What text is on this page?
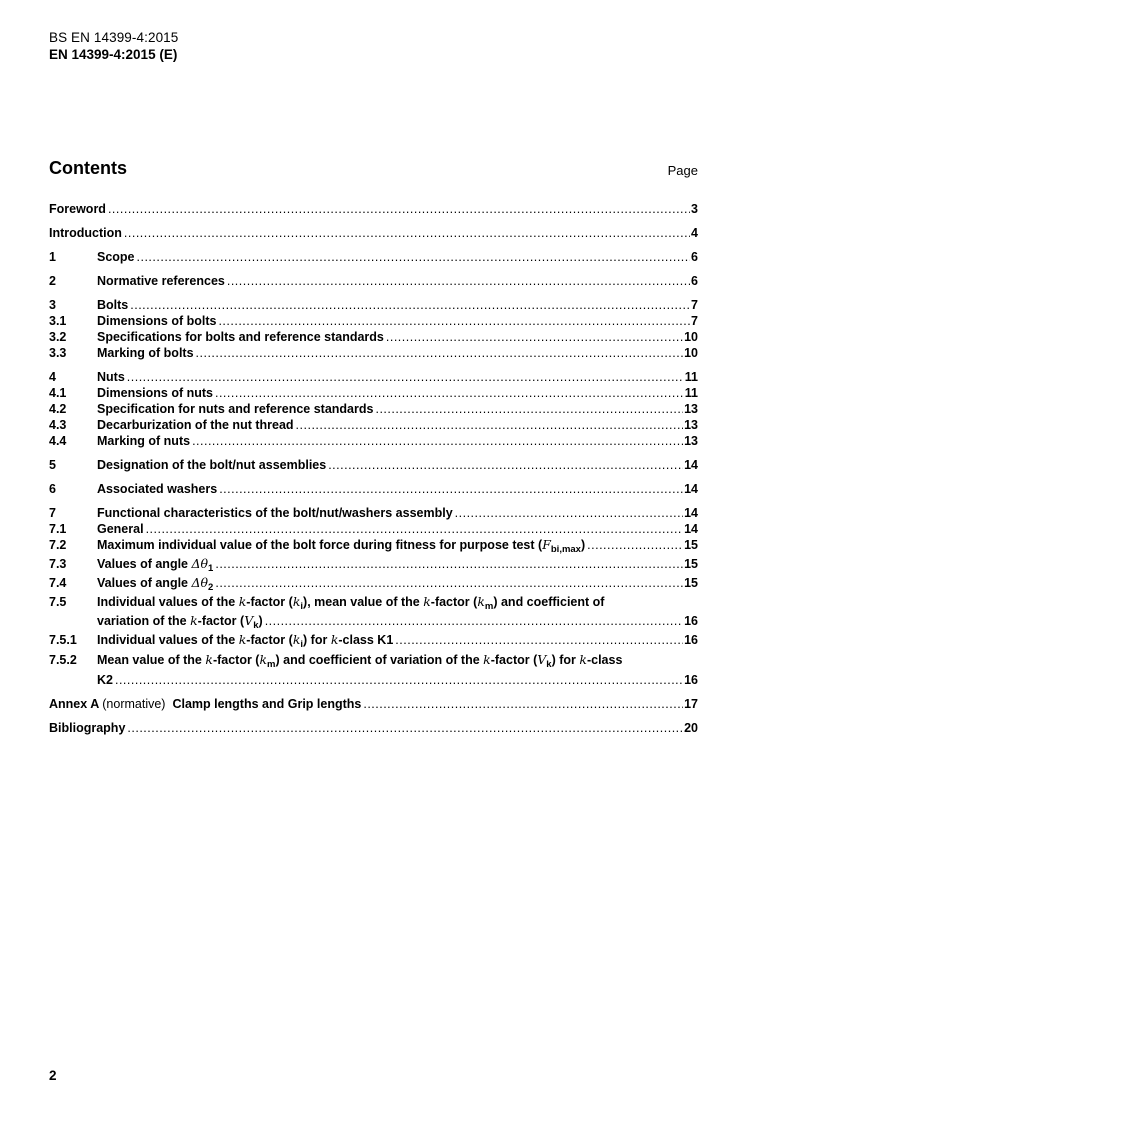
BS EN 14399-4:2015
EN 14399-4:2015 (E)
Contents	Page
Foreword .....	3
Introduction .....	4
1	Scope .....	6
2	Normative references .....	6
3	Bolts .....	7
3.1	Dimensions of bolts .....	7
3.2	Specifications for bolts and reference standards .....	10
3.3	Marking of bolts .....	10
4	Nuts .....	11
4.1	Dimensions of nuts .....	11
4.2	Specification for nuts and reference standards .....	13
4.3	Decarburization of the nut thread .....	13
4.4	Marking of nuts .....	13
5	Designation of the bolt/nut assemblies .....	14
6	Associated washers .....	14
7	Functional characteristics of the bolt/nut/washers assembly .....	14
7.1	General .....	14
7.2	Maximum individual value of the bolt force during fitness for purpose test $(F_{bi,max})$ .....	15
7.3	Values of angle $\Delta\theta_1$ .....	15
7.4	Values of angle $\Delta\theta_2$ .....	15
7.5	Individual values of the k-factor $(k_i)$, mean value of the k-factor $(k_m)$ and coefficient of
variation of the k-factor $(V_k)$ .....	16
7.5.1	Individual values of the k-factor $(k_i)$ for k-class K1 .....	16
7.5.2	Mean value of the k-factor $(k_m)$ and coefficient of variation of the k-factor $(V_k)$ for k-class
K2 .....	16
Annex A (normative) Clamp lengths and Grip lengths .....	17
Bibliography .....	20
2
